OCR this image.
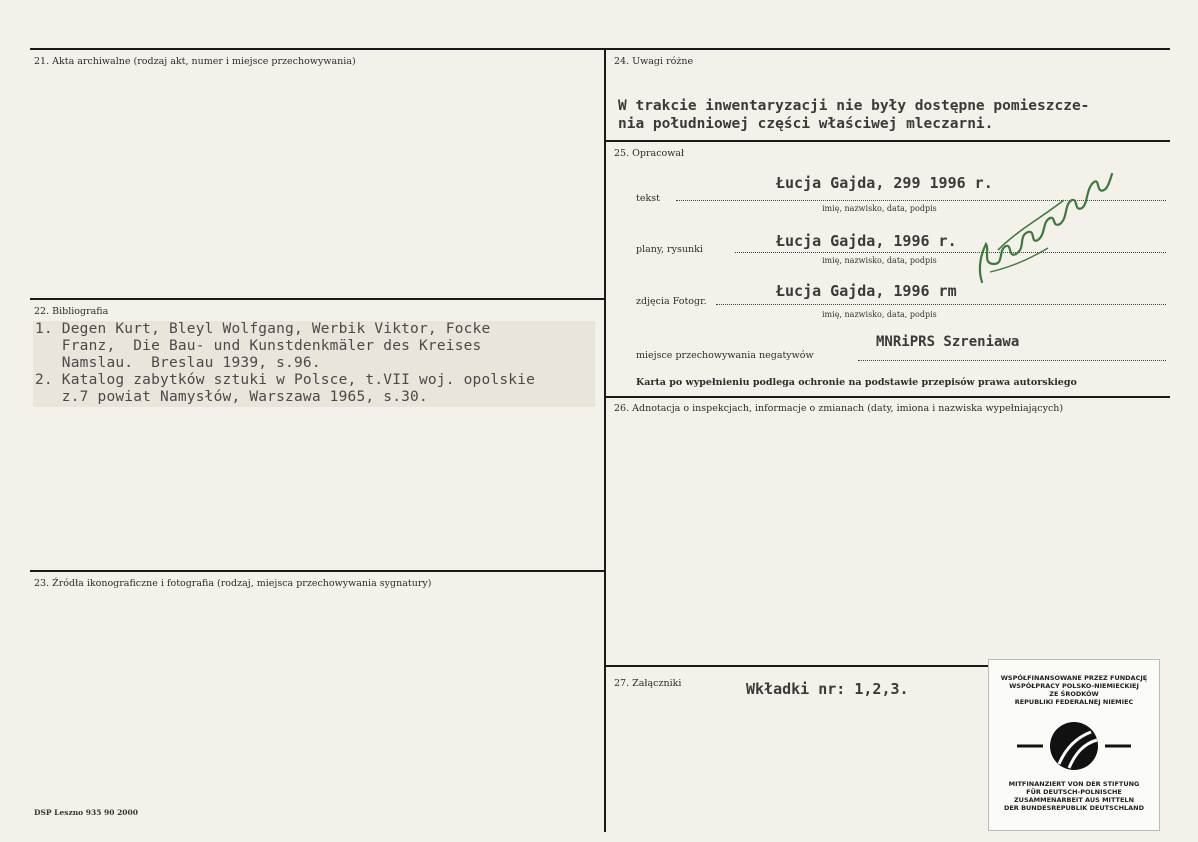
21. Akta archiwalne (rodzaj akt, numer i miejsce przechowywania)
22. Bibliografia
1. Degen Kurt, Bleyl Wolfgang, Werbik Viktor, Focke
Franz,  Die Bau- und Kunstdenkmäler des Kreises
Namslau.  Breslau 1939, s.96.
2. Katalog zabytków sztuki w Polsce, t.VII woj. opolskie
z.7 powiat Namysłów, Warszawa 1965, s.30.
23. Źródła ikonograficzne i fotografia (rodzaj, miejsca przechowywania sygnatury)
DSP Leszno 935 90 2000
24. Uwagi różne
W trakcie inwentaryzacji nie były dostępne pomieszcze-
nia południowej części właściwej mleczarni.
25. Opracował
tekst
Łucja Gajda, 299 1996 r.
imię, nazwisko, data, podpis
plany, rysunki	Łucja Gajda, 1996 r.
imię, nazwisko, data, podpis
zdjęcia Fotogr.
Łucja Gajda, 1996 rm
imię, nazwisko, data, podpis
miejsce przechowywania negatywów
MNRiPRS Szreniawa
Karta po wypełnieniu podlega ochronie na podstawie przepisów prawa autorskiego
26. Adnotacja o inspekcjach, informacje o zmianach (daty, imiona i nazwiska wypełniających)
27. Załączniki	Wkładki nr: 1,2,3.
WSPÓŁFINANSOWANE PRZEZ FUNDACJĘ
WSPÓŁPRACY POLSKO-NIEMIECKIEJ
ZE ŚRODKÓW
REPUBLIKI FEDERALNEJ NIEMIEC
MITFINANZIERT VON DER STIFTUNG
FÜR DEUTSCH-POLNISCHE
ZUSAMMENARBEIT AUS MITTELN
DER BUNDESREPUBLIK DEUTSCHLAND
